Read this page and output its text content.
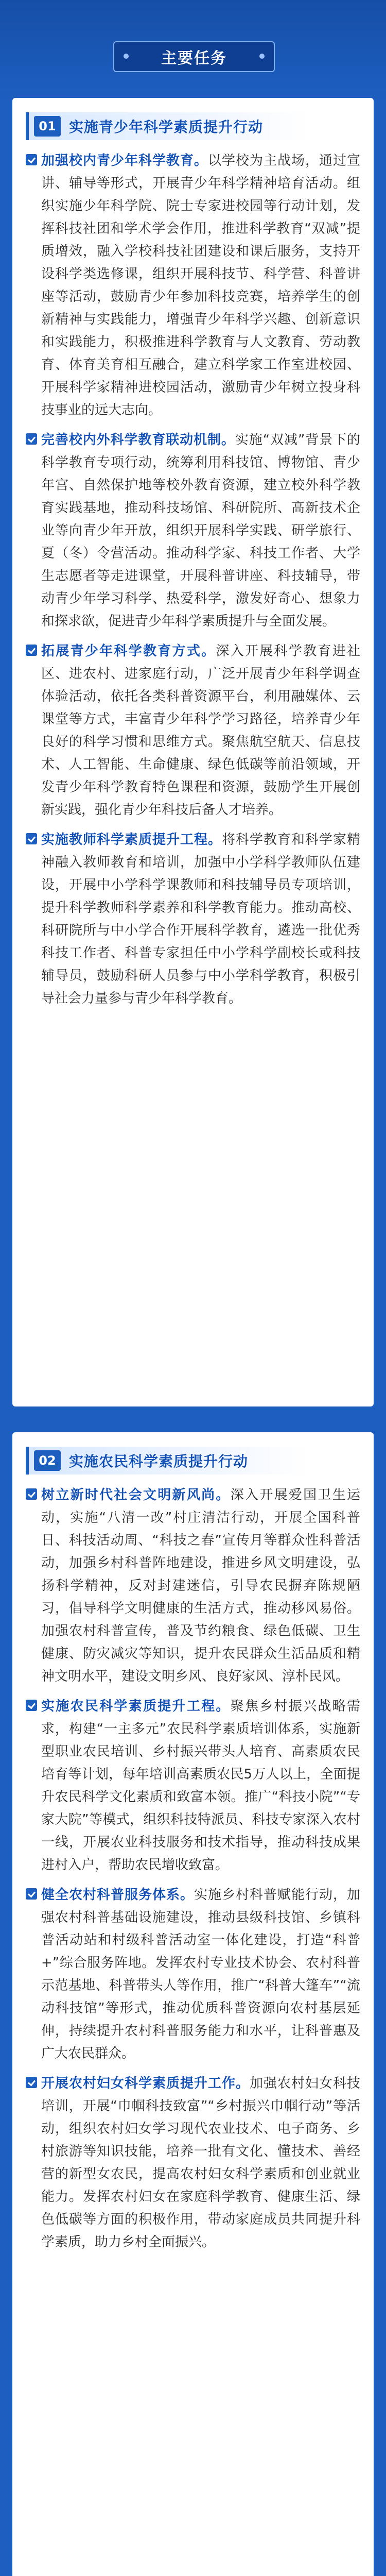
主要任务
01 实施青少年科学素质提升行动
加强校内青少年科学教育。以学校为主战场，通过宣讲、辅导等形式，开展青少年科学精神培育活动。组织实施少年科学院、院士专家进校园等行动计划，发挥科技社团和学术学会作用，推进科学教育“双减”提质增效，融入学校科技社团建设和课后服务，支持开设科学类选修课，组织开展科技节、科学营、科普讲座等活动，鼓励青少年参加科技竞赛，培养学生的创新精神与实践能力，增强青少年科学兴趣、创新意识和实践能力，积极推进科学教育与人文教育、劳动教育、体育美育相互融合，建立科学家工作室进校园、开展科学家精神进校园活动，激励青少年树立投身科技事业的远大志向。
完善校内外科学教育联动机制。实施“双减”背景下的科学教育专项行动，统筹利用科技馆、博物馆、青少年宫、自然保护地等校外教育资源，建立校外科学教育实践基地，推动科技场馆、科研院所、高新技术企业等向青少年开放，组织开展科学实践、研学旅行、夏（冬）令营活动。推动科学家、科技工作者、大学生志愿者等走进课堂，开展科普讲座、科技辅导，带动青少年学习科学、热爱科学，激发好奇心、想象力和探求欲，促进青少年科学素质提升与全面发展。
拓展青少年科学教育方式。深入开展科学教育进社区、进农村、进家庭行动，广泛开展青少年科学调查体验活动，依托各类科普资源平台，利用融媒体、云课堂等方式，丰富青少年科学学习路径，培养青少年良好的科学习惯和思维方式。聚焦航空航天、信息技术、人工智能、生命健康、绿色低碳等前沿领域，开发青少年科学教育特色课程和资源，鼓励学生开展创新实践，强化青少年科技后备人才培养。
实施教师科学素质提升工程。将科学教育和科学家精神融入教师教育和培训，加强中小学科学教师队伍建设，开展中小学科学课教师和科技辅导员专项培训，提升科学教师科学素养和科学教育能力。推动高校、科研院所与中小学合作开展科学教育，遴选一批优秀科技工作者、科普专家担任中小学科学副校长或科技辅导员，鼓励科研人员参与中小学科学教育，积极引导社会力量参与青少年科学教育。
02 实施农民科学素质提升行动
树立新时代社会文明新风尚。深入开展爱国卫生运动，实施“八清一改”村庄清洁行动，开展全国科普日、科技活动周、“科技之春”宣传月等群众性科普活动，加强乡村科普阵地建设，推进乡风文明建设，弘扬科学精神，反对封建迷信，引导农民摒弃陈规陋习，倡导科学文明健康的生活方式，推动移风易俗。加强农村科普宣传，普及节约粮食、绿色低碳、卫生健康、防灾减灾等知识，提升农民群众生活品质和精神文明水平，建设文明乡风、良好家风、淳朴民风。
实施农民科学素质提升工程。聚焦乡村振兴战略需求，构建“一主多元”农民科学素质培训体系，实施新型职业农民培训、乡村振兴带头人培育、高素质农民培育等计划，每年培训高素质农民5万人以上，全面提升农民科学文化素质和致富本领。推广“科技小院”“专家大院”等模式，组织科技特派员、科技专家深入农村一线，开展农业科技服务和技术指导，推动科技成果进村入户，帮助农民增收致富。
健全农村科普服务体系。实施乡村科普赋能行动，加强农村科普基础设施建设，推动县级科技馆、乡镇科普活动站和村级科普活动室一体化建设，打造“科普+”综合服务阵地。发挥农村专业技术协会、农村科普示范基地、科普带头人等作用，推广“科普大篷车”“流动科技馆”等形式，推动优质科普资源向农村基层延伸，持续提升农村科普服务能力和水平，让科普惠及广大农民群众。
开展农村妇女科学素质提升工作。加强农村妇女科技培训，开展“巾帼科技致富”“乡村振兴巾帼行动”等活动，组织农村妇女学习现代农业技术、电子商务、乡村旅游等知识技能，培养一批有文化、懂技术、善经营的新型女农民，提高农村妇女科学素质和创业就业能力。发挥农村妇女在家庭科学教育、健康生活、绿色低碳等方面的积极作用，带动家庭成员共同提升科学素质，助力乡村全面振兴。
